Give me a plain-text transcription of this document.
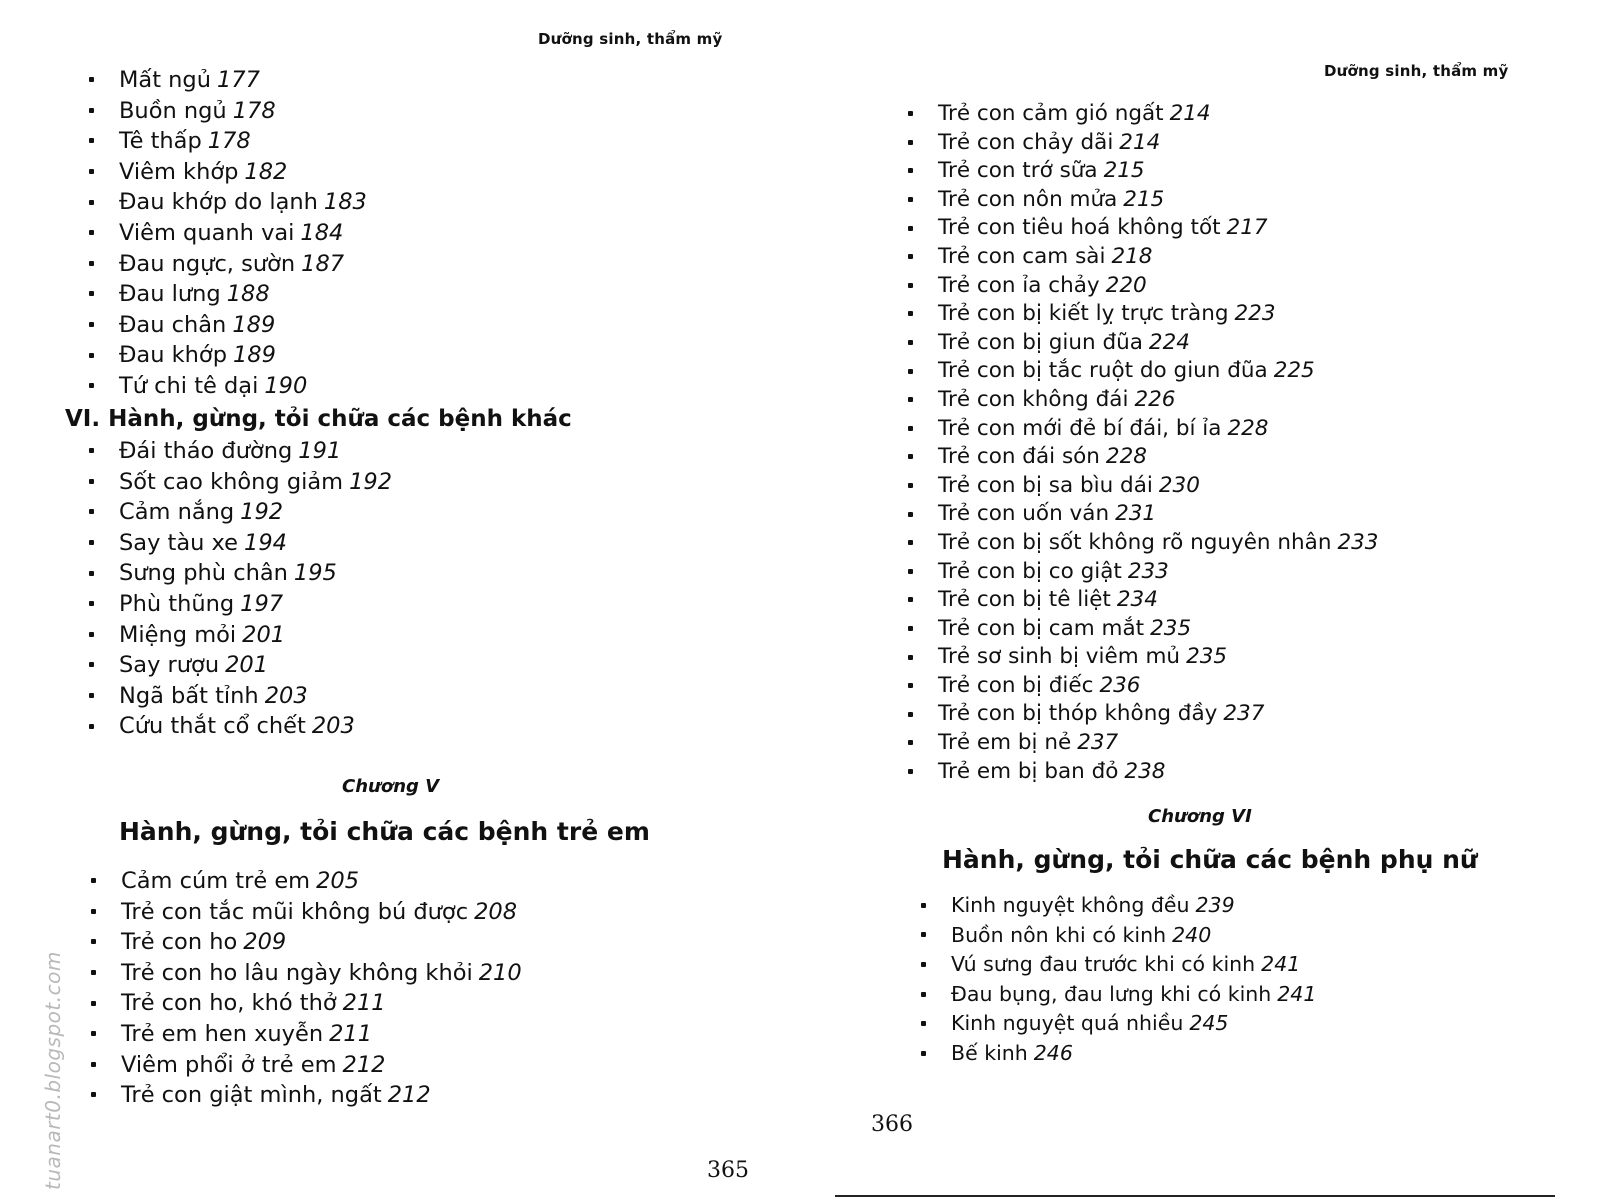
Dưỡng sinh, thẩm mỹ
Mất ngủ 177
Buồn ngủ 178
Tê thấp 178
Viêm khớp 182
Đau khớp do lạnh 183
Viêm quanh vai 184
Đau ngực, sườn 187
Đau lưng 188
Đau chân 189
Đau khớp 189
Tứ chi tê dại 190
VI. Hành, gừng, tỏi chữa các bệnh khác
Đái tháo đường 191
Sốt cao không giảm 192
Cảm nắng 192
Say tàu xe 194
Sưng phù chân 195
Phù thũng 197
Miệng mỏi 201
Say rượu 201
Ngã bất tỉnh 203
Cứu thắt cổ chết 203
Chương V
Hành, gừng, tỏi chữa các bệnh trẻ em
Cảm cúm trẻ em 205
Trẻ con tắc mũi không bú được 208
Trẻ con ho 209
Trẻ con ho lâu ngày không khỏi 210
Trẻ con ho, khó thở 211
Trẻ em hen xuyễn 211
Viêm phổi ở trẻ em 212
Trẻ con giật mình, ngất 212
365
tuanart0.blogspot.com
Dưỡng sinh, thẩm mỹ
Trẻ con cảm gió ngất 214
Trẻ con chảy dãi 214
Trẻ con trớ sữa 215
Trẻ con nôn mửa 215
Trẻ con tiêu hoá không tốt 217
Trẻ con cam sài 218
Trẻ con ỉa chảy 220
Trẻ con bị kiết lỵ trực tràng 223
Trẻ con bị giun đũa 224
Trẻ con bị tắc ruột do giun đũa 225
Trẻ con không đái 226
Trẻ con mới đẻ bí đái, bí ỉa 228
Trẻ con đái són 228
Trẻ con bị sa bìu dái 230
Trẻ con uốn ván 231
Trẻ con bị sốt không rõ nguyên nhân 233
Trẻ con bị co giật 233
Trẻ con bị tê liệt 234
Trẻ con bị cam mắt 235
Trẻ sơ sinh bị viêm mủ 235
Trẻ con bị điếc 236
Trẻ con bị thóp không đầy 237
Trẻ em bị nẻ 237
Trẻ em bị ban đỏ 238
Chương VI
Hành, gừng, tỏi chữa các bệnh phụ nữ
Kinh nguyệt không đều 239
Buồn nôn khi có kinh 240
Vú sưng đau trước khi có kinh 241
Đau bụng, đau lưng khi có kinh 241
Kinh nguyệt quá nhiều 245
Bế kinh 246
366
